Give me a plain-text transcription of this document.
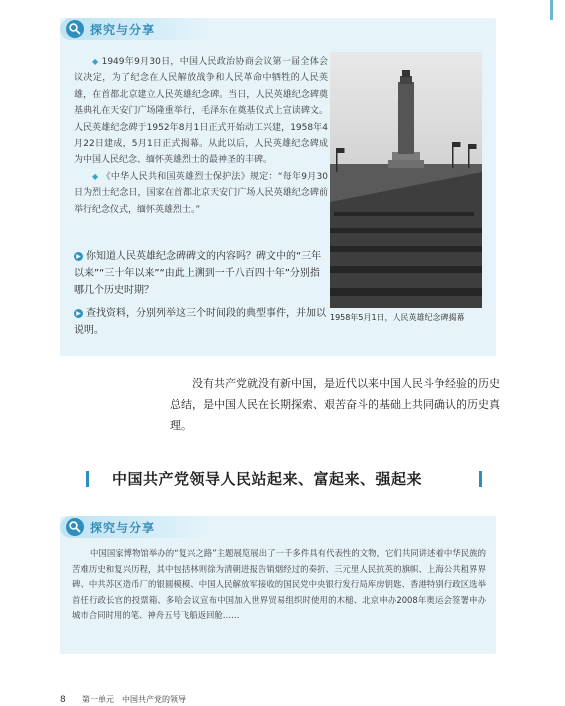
探究与分享
◆ 1949年9月30日，中国人民政治协商会议第一届全体会议决定，为了纪念在人民解放战争和人民革命中牺牲的人民英雄，在首都北京建立人民英雄纪念碑。当日，人民英雄纪念碑奠基典礼在天安门广场隆重举行，毛泽东在奠基仪式上宣读碑文。人民英雄纪念碑于1952年8月1日正式开始动工兴建，1958年4月22日建成，5月1日正式揭幕。从此以后，人民英雄纪念碑成为中国人民纪念、缅怀英雄烈士的最神圣的丰碑。
◆ 《中华人民共和国英雄烈士保护法》规定：“每年9月30日为烈士纪念日，国家在首都北京天安门广场人民英雄纪念碑前举行纪念仪式，缅怀英雄烈士。”
▶ 你知道人民英雄纪念碑碑文的内容吗？碑文中的“三年以来”“三十年以来”“由此上溯到一千八百四十年”分别指哪几个历史时期？
▶ 查找资料，分别列举这三个时间段的典型事件，并加以说明。
1958年5月1日，人民英雄纪念碑揭幕
没有共产党就没有新中国，是近代以来中国人民斗争经验的历史总结，是中国人民在长期探索、艰苦奋斗的基础上共同确认的历史真理。
中国共产党领导人民站起来、富起来、强起来
探究与分享
中国国家博物馆举办的“复兴之路”主题展览展出了一千多件具有代表性的文物，它们共同讲述着中华民族的苦难历史和复兴历程，其中包括林则徐为清朝进报告销烟经过的奏折、三元里人民抗英的旗帜、上海公共租界界碑、中共苏区造币厂的银圆模模、中国人民解放军接收的国民党中央银行发行局库房钥匙、香港特别行政区选举首任行政长官的投票箱、多哈会议宣布中国加入世界贸易组织时使用的木槌、北京申办2008年奥运会签署申办城市合同时用的笔、神舟五号飞船返回舱……
8 第一单元　中国共产党的领导
